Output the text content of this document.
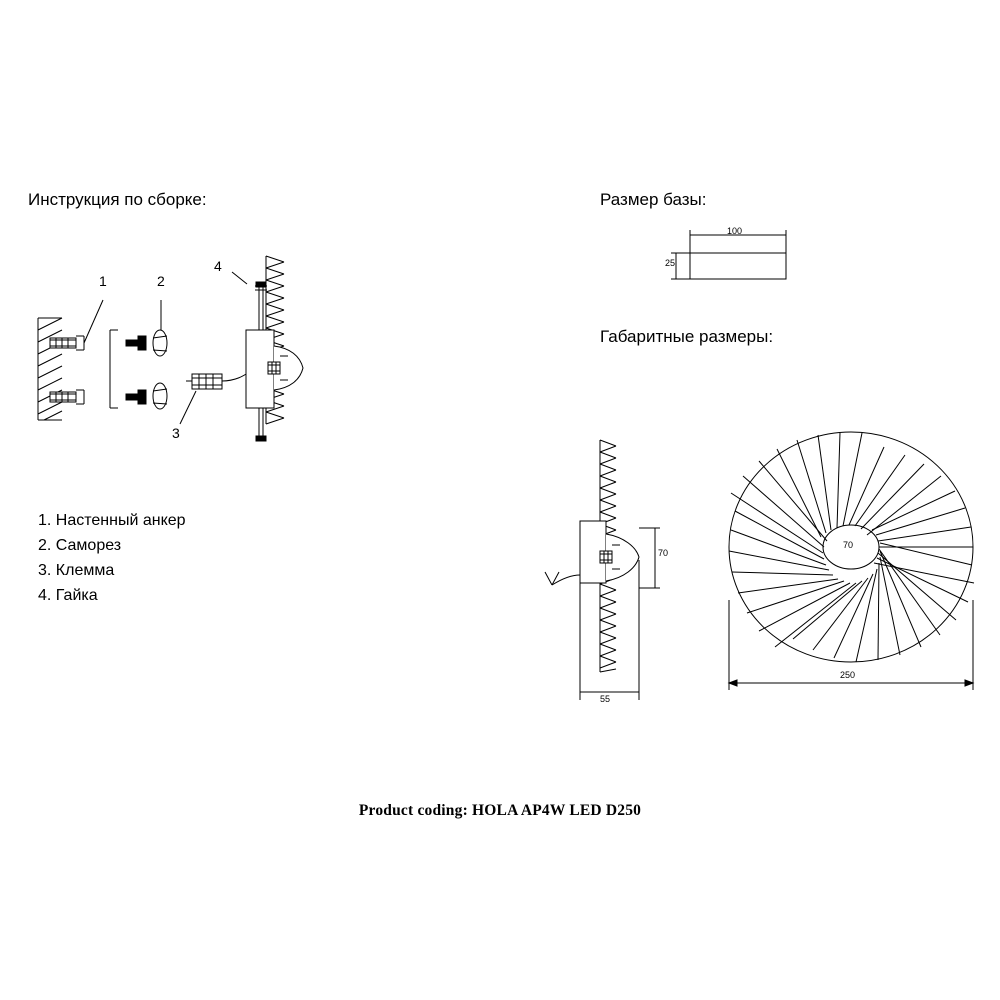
Инструкция по сборке:	Размер базы:
Габаритные размеры:
1	2
3
4
1. Настенный анкер
2. Саморез
3. Клемма
4. Гайка
100
25
70
55
70
250
Product coding: HOLA AP4W LED D250
